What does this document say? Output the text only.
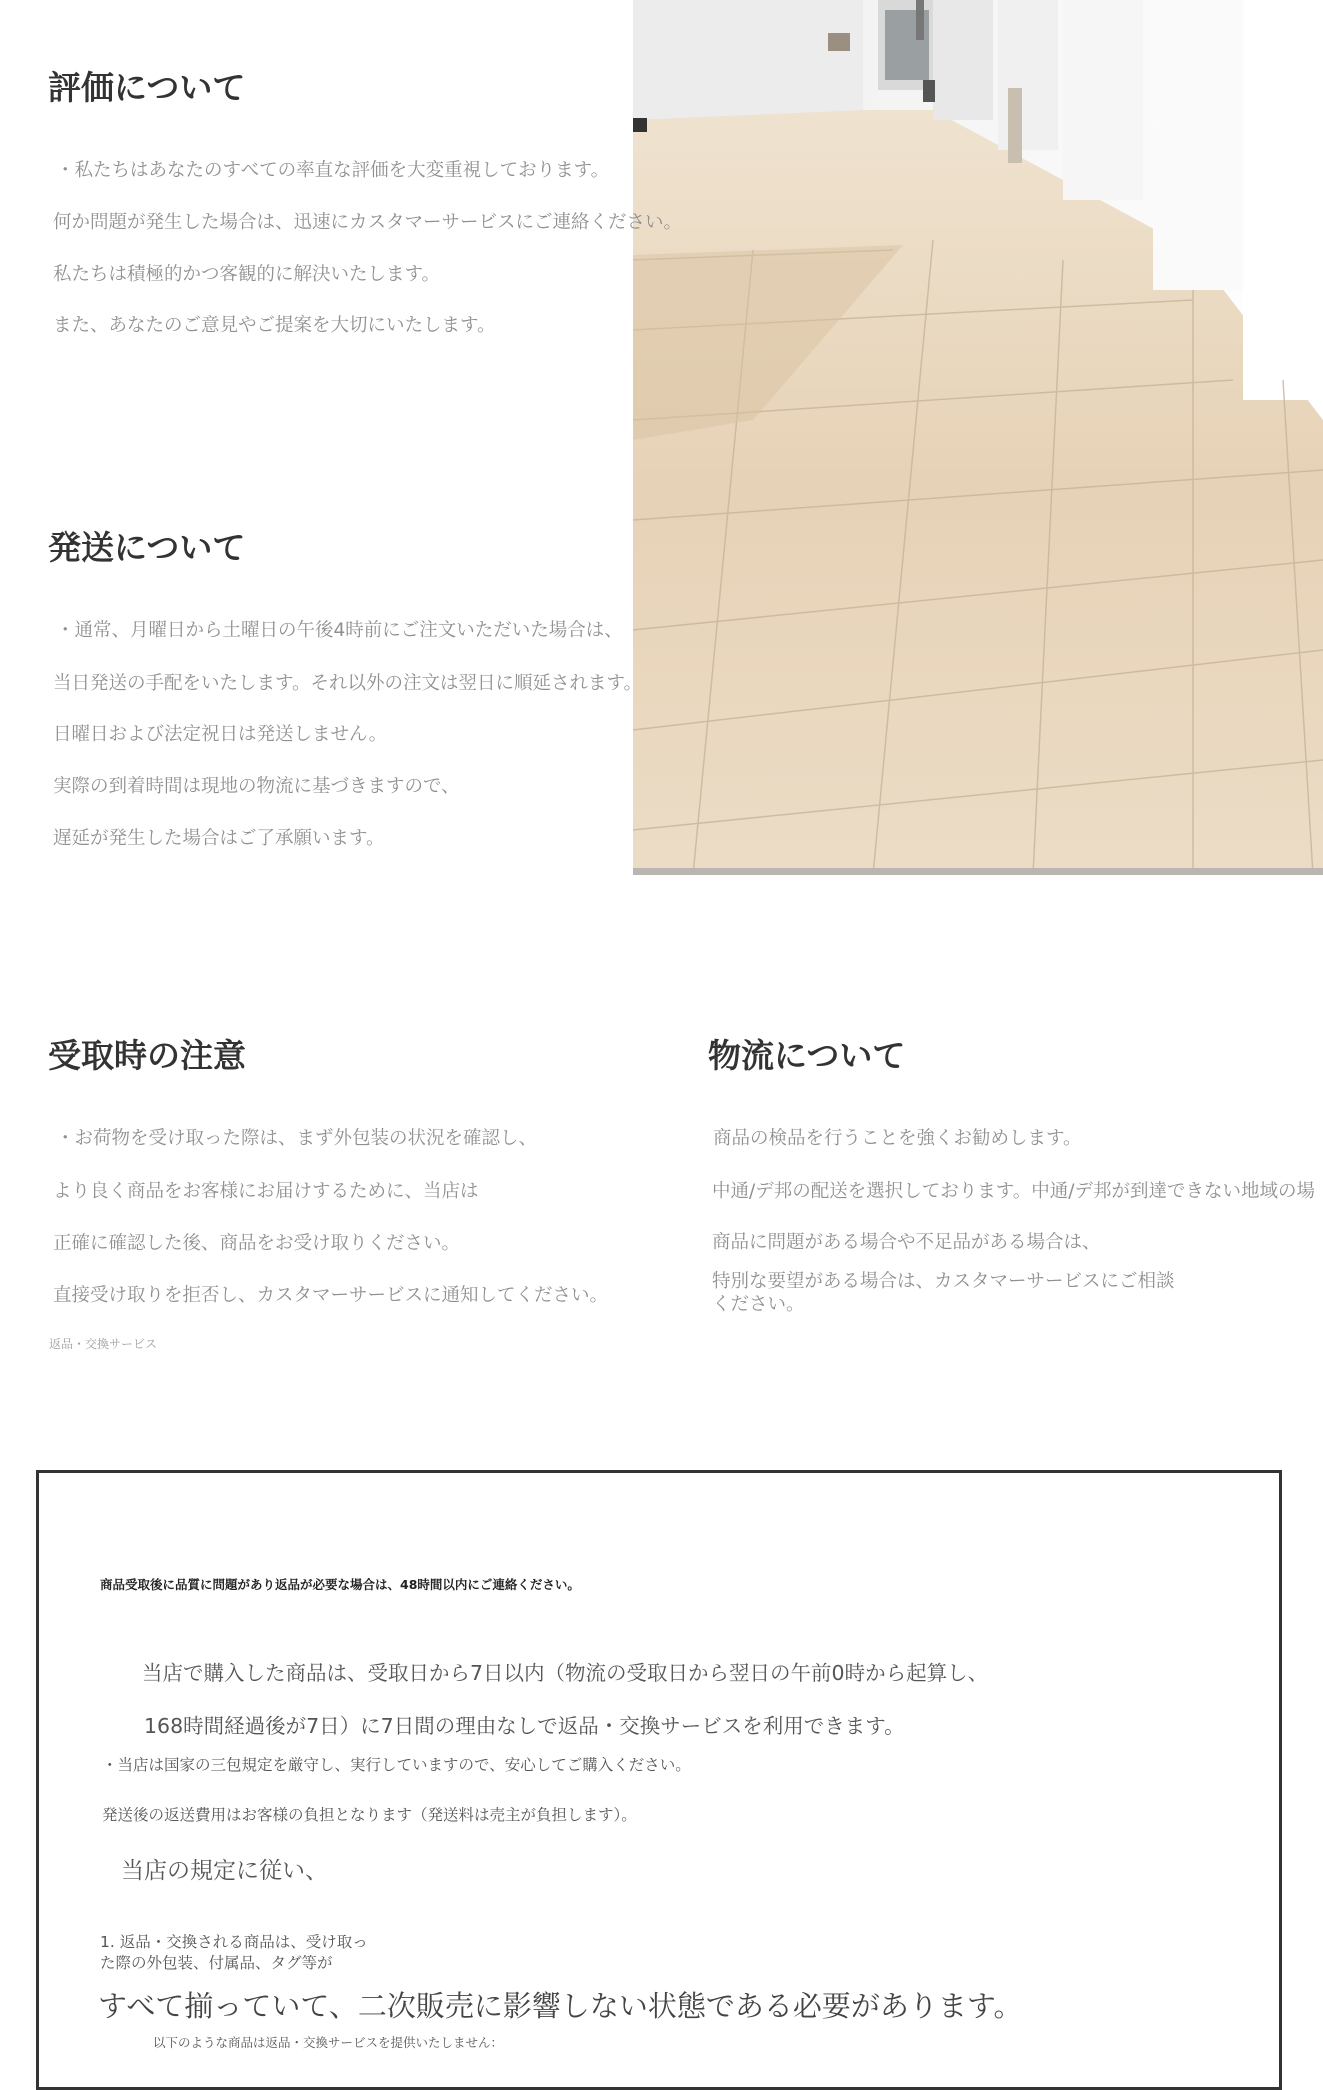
評価について
・私たちはあなたのすべての率直な評価を大変重視しております。
何か問題が発生した場合は、迅速にカスタマーサービスにご連絡ください。
私たちは積極的かつ客観的に解決いたします。
また、あなたのご意見やご提案を大切にいたします。
発送について
・通常、月曜日から土曜日の午後4時前にご注文いただいた場合は、
当日発送の手配をいたします。それ以外の注文は翌日に順延されます。
日曜日および法定祝日は発送しません。
実際の到着時間は現地の物流に基づきますので、
遅延が発生した場合はご了承願います。
受取時の注意
・お荷物を受け取った際は、まず外包装の状況を確認し、
より良く商品をお客様にお届けするために、当店は
正確に確認した後、商品をお受け取りください。
直接受け取りを拒否し、カスタマーサービスに通知してください。
返品・交換サービス
物流について
商品の検品を行うことを強くお勧めします。
中通/デ邦の配送を選択しております。中通/デ邦が到達できない地域の場
商品に問題がある場合や不足品がある場合は、
特別な要望がある場合は、カスタマーサービスにご相談
ください。
商品受取後に品質に問題があり返品が必要な場合は、48時間以内にご連絡ください。
当店で購入した商品は、受取日から7日以内（物流の受取日から翌日の午前0時から起算し、
168時間経過後が7日）に7日間の理由なしで返品・交換サービスを利用できます。
・当店は国家の三包規定を厳守し、実行していますので、安心してご購入ください。
発送後の返送費用はお客様の負担となります（発送料は売主が負担します）。
当店の規定に従い、
1. 返品・交換される商品は、受け取っ
た際の外包装、付属品、タグ等が
すべて揃っていて、二次販売に影響しない状態である必要があります。
以下のような商品は返品・交換サービスを提供いたしません：
